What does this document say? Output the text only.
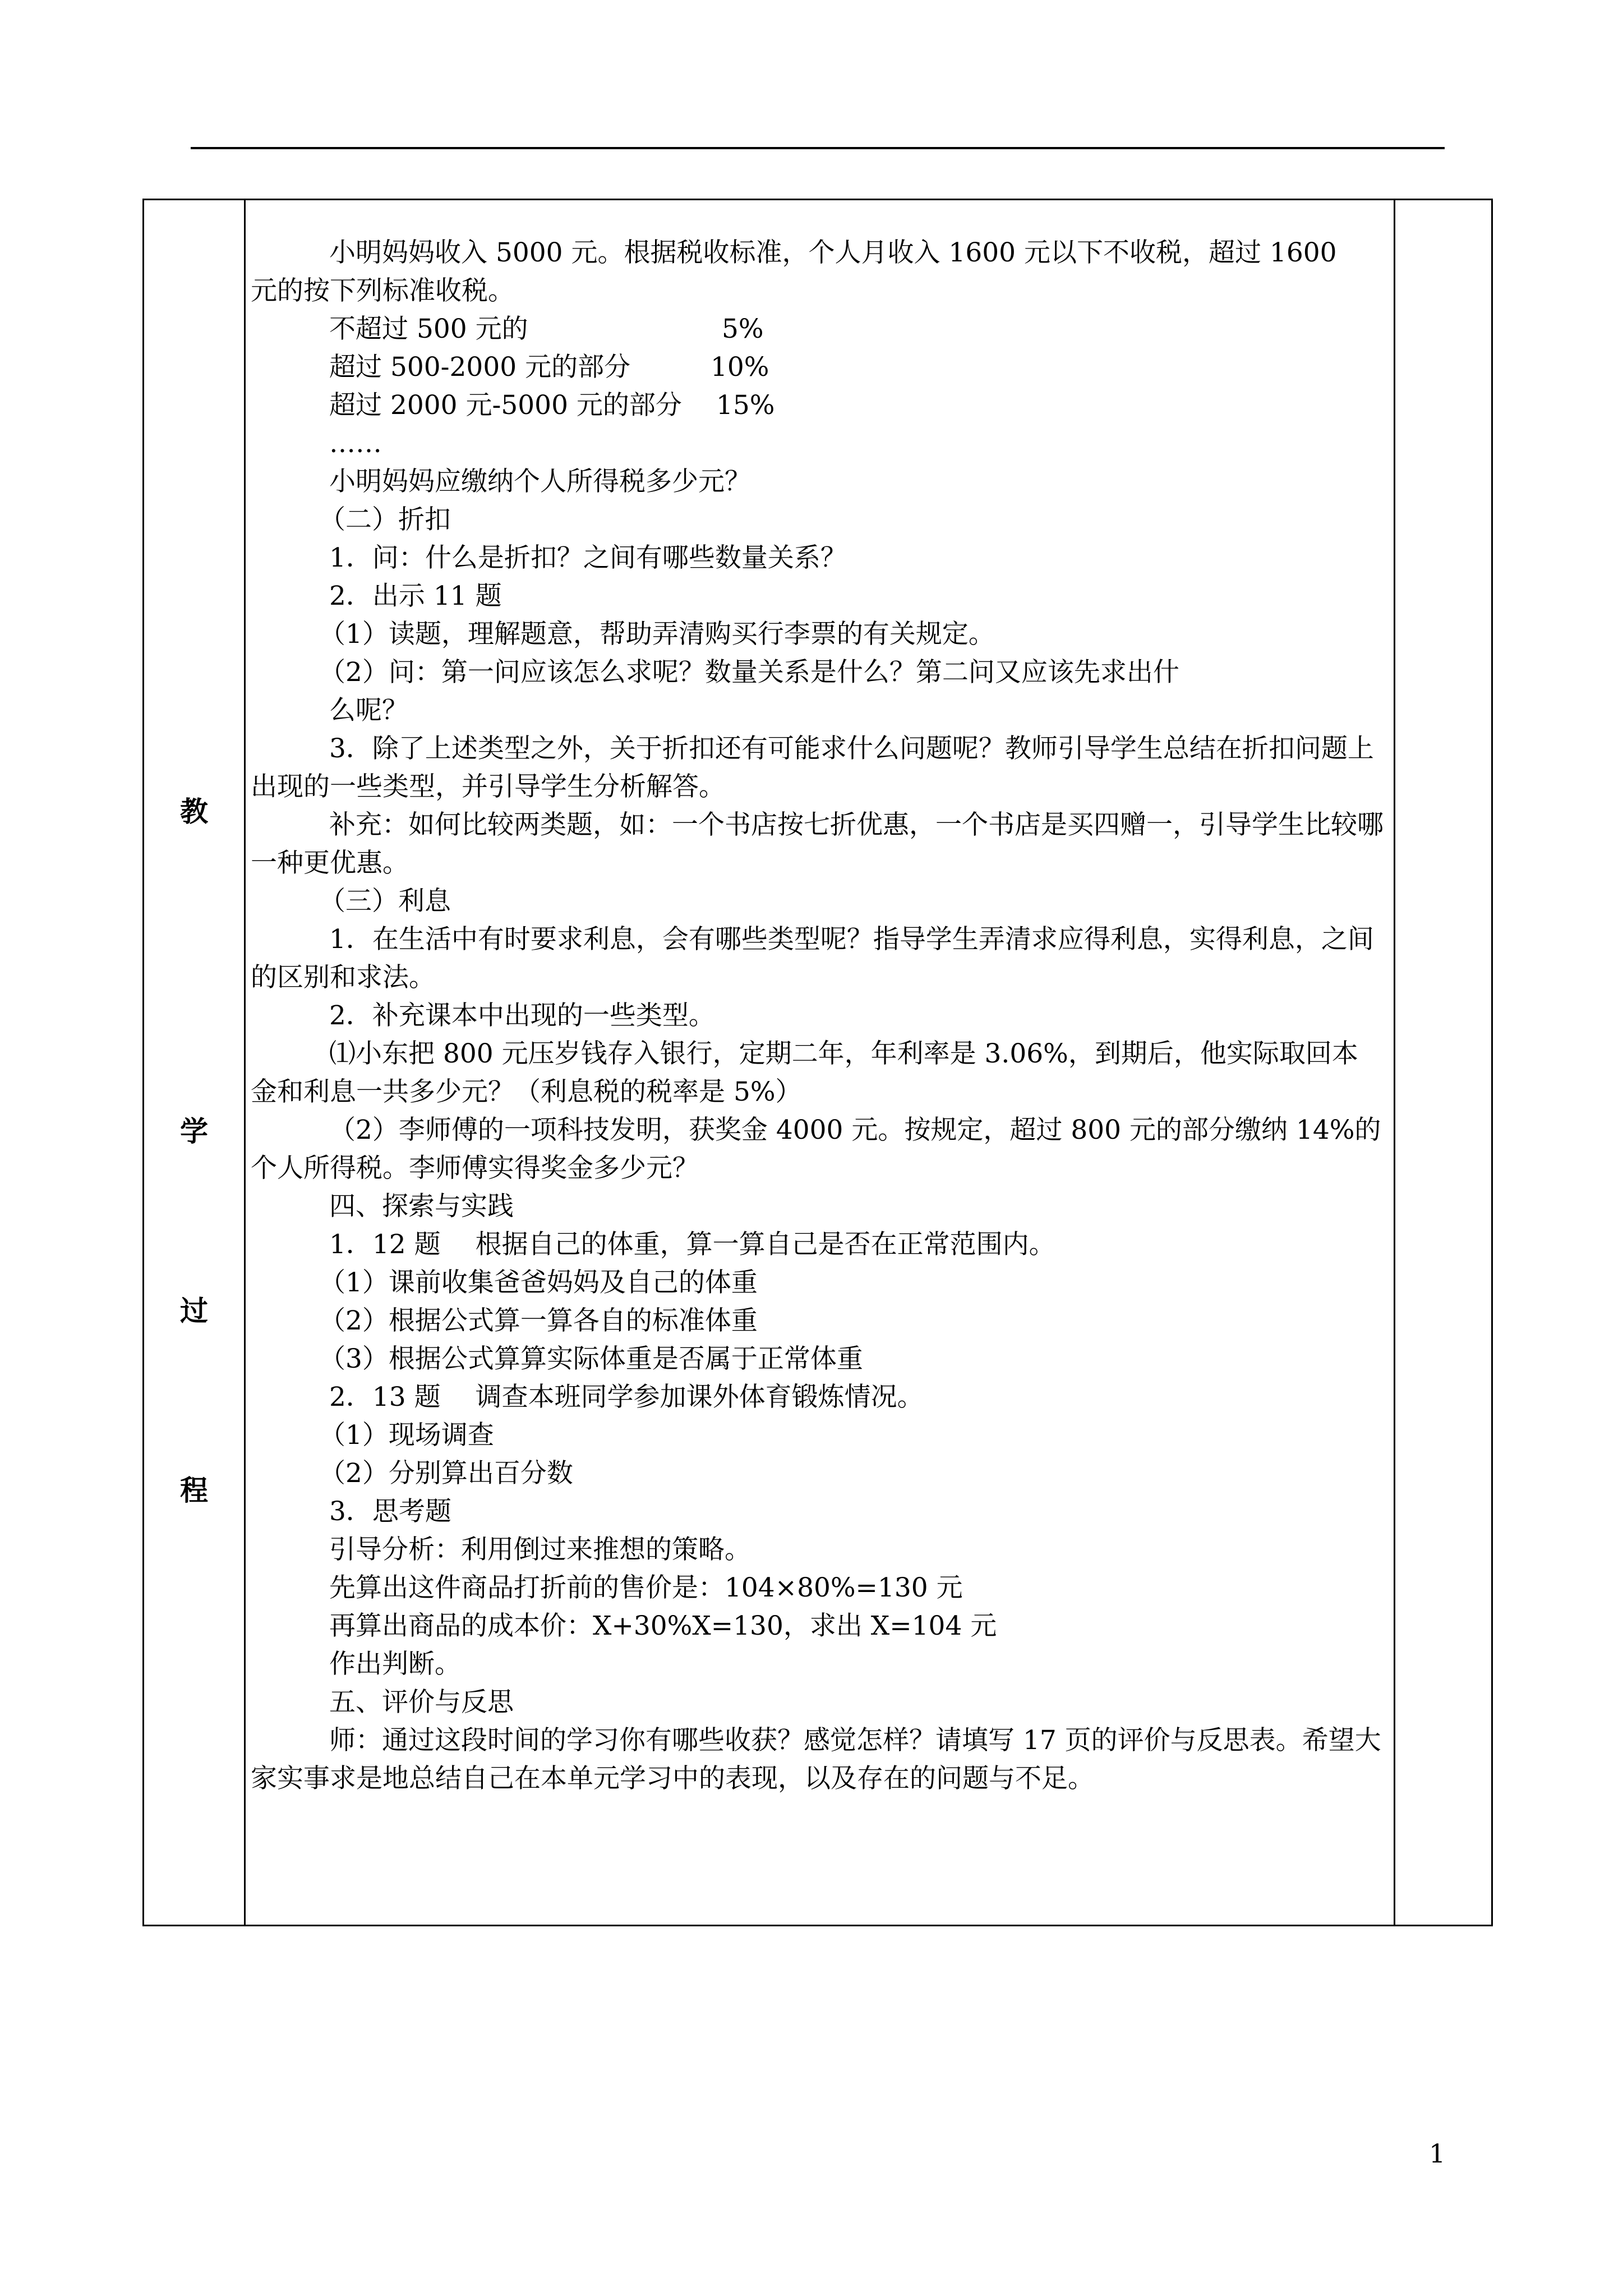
教
学
过
程

小明妈妈收入 5000 元。根据税收标准，个人月收入 1600 元以下不收税，超过 1600

元的按下列标准收税。

不超过 500 元的	5%
超过 500-2000 元的部分	10%
超过 2000 元-5000 元的部分	15%

……

小明妈妈应缴纳个人所得税多少元？

（二）折扣

1．问：什么是折扣？之间有哪些数量关系？

2．出示 11 题

（1）读题，理解题意，帮助弄清购买行李票的有关规定。

（2）问：第一问应该怎么求呢？数量关系是什么？第二问又应该先求出什

么呢？

3．除了上述类型之外，关于折扣还有可能求什么问题呢？教师引导学生总结在折扣问题上出现的一些类型，并引导学生分析解答。

补充：如何比较两类题，如：一个书店按七折优惠，一个书店是买四赠一，引导学生比较哪一种更优惠。

（三）利息

1．在生活中有时要求利息，会有哪些类型呢？指导学生弄清求应得利息，实得利息，之间的区别和求法。

2．补充课本中出现的一些类型。

⑴小东把 800 元压岁钱存入银行，定期二年，年利率是 3.06%，到期后，他实际取回本金和利息一共多少元？（利息税的税率是 5%）

（2）李师傅的一项科技发明，获奖金 4000 元。按规定，超过 800 元的部分缴纳 14%的个人所得税。李师傅实得奖金多少元？

四、探索与实践

1．12 题　 根据自己的体重，算一算自己是否在正常范围内。

（1）课前收集爸爸妈妈及自己的体重

（2）根据公式算一算各自的标准体重

（3）根据公式算算实际体重是否属于正常体重

2．13 题　 调查本班同学参加课外体育锻炼情况。

（1）现场调查

（2）分别算出百分数

3．思考题

引导分析：利用倒过来推想的策略。

先算出这件商品打折前的售价是：104×80%=130 元

再算出商品的成本价：X+30%X=130，求出 X=104 元

作出判断。

五、评价与反思

师：通过这段时间的学习你有哪些收获？感觉怎样？请填写 17 页的评价与反思表。希望大家实事求是地总结自己在本单元学习中的表现，以及存在的问题与不足。

1
